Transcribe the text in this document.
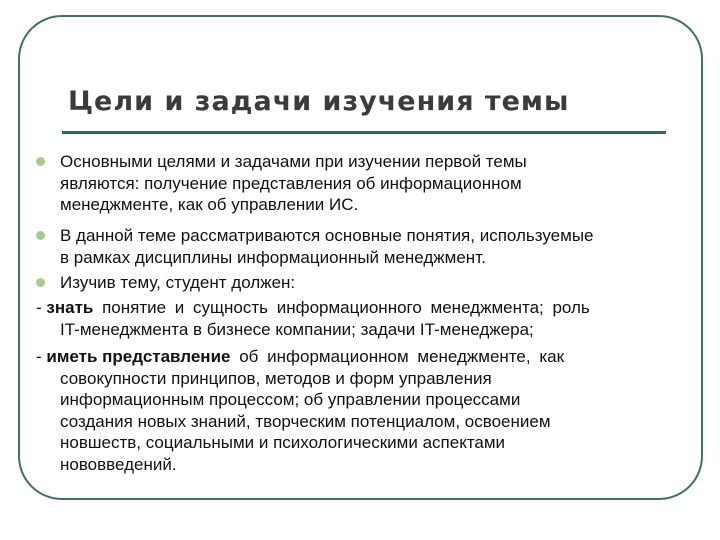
Цели и задачи изучения темы
Основными целями и задачами при изучении первой темы
являются: получение представления об информационном
менеджменте, как об управлении ИС.
В данной теме рассматриваются основные понятия, используемые
в рамках дисциплины информационный менеджмент.
Изучив тему, студент должен:
- знать понятие и сущность информационного менеджмента; роль
IT-менеджмента в бизнесе компании; задачи IT-менеджера;
- иметь представление об информационном менеджменте, как
совокупности принципов, методов и форм управления
информационным процессом; об управлении процессами
создания новых знаний, творческим потенциалом, освоением
новшеств, социальными и психологическими аспектами
нововведений.
